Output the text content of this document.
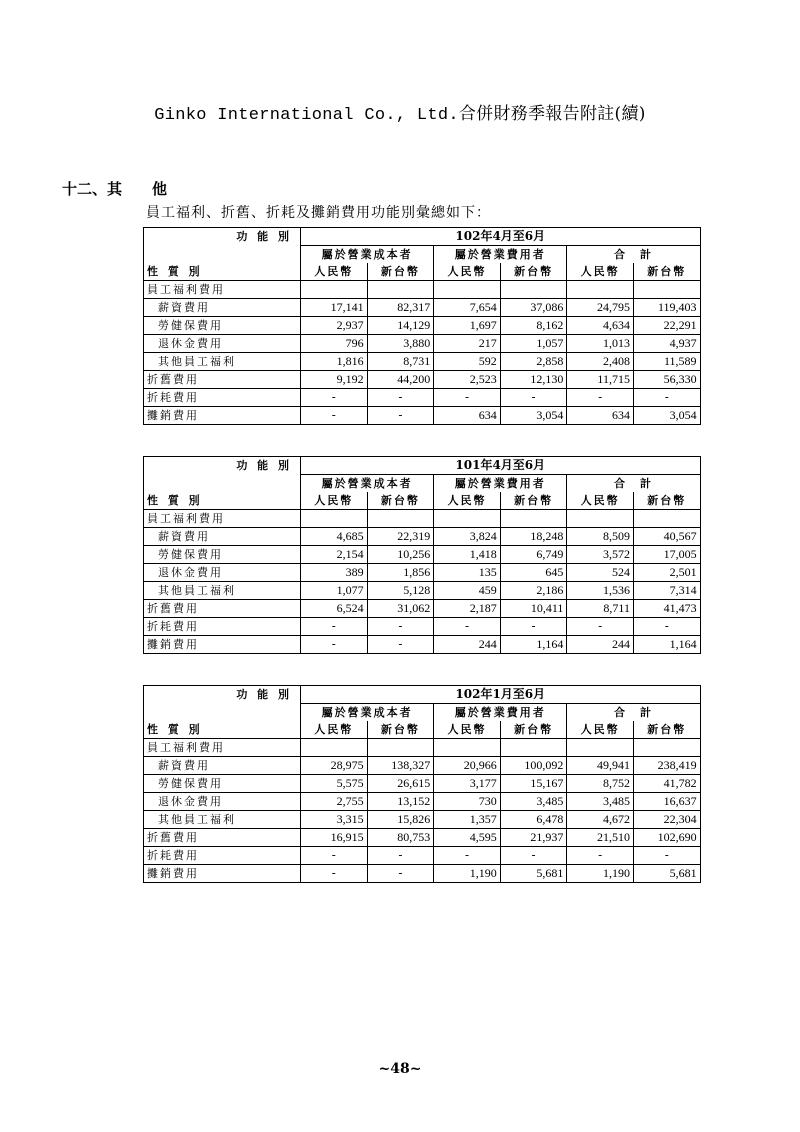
Ginko International Co., Ltd.合併財務季報告附註(續)
十二、其　　他
員工福利、折舊、折耗及攤銷費用功能別彙總如下：
功 能 別	102年4月至6月					
	屬於營業成本者		屬於營業費用者		合　計	
性 質 別	人民幣	新台幣	人民幣	新台幣	人民幣	新台幣
員工福利費用						
薪資費用	17,141	82,317	7,654	37,086	24,795	119,403
勞健保費用	2,937	14,129	1,697	8,162	4,634	22,291
退休金費用	796	3,880	217	1,057	1,013	4,937
其他員工福利	1,816	8,731	592	2,858	2,408	11,589
折舊費用	9,192	44,200	2,523	12,130	11,715	56,330
折耗費用	-	-	-	-	-	-
攤銷費用	-	-	634	3,054	634	3,054
功 能 別	101年4月至6月					
	屬於營業成本者		屬於營業費用者		合　計	
性 質 別	人民幣	新台幣	人民幣	新台幣	人民幣	新台幣
員工福利費用						
薪資費用	4,685	22,319	3,824	18,248	8,509	40,567
勞健保費用	2,154	10,256	1,418	6,749	3,572	17,005
退休金費用	389	1,856	135	645	524	2,501
其他員工福利	1,077	5,128	459	2,186	1,536	7,314
折舊費用	6,524	31,062	2,187	10,411	8,711	41,473
折耗費用	-	-	-	-	-	-
攤銷費用	-	-	244	1,164	244	1,164
功 能 別	102年1月至6月					
	屬於營業成本者		屬於營業費用者		合　計	
性 質 別	人民幣	新台幣	人民幣	新台幣	人民幣	新台幣
員工福利費用						
薪資費用	28,975	138,327	20,966	100,092	49,941	238,419
勞健保費用	5,575	26,615	3,177	15,167	8,752	41,782
退休金費用	2,755	13,152	730	3,485	3,485	16,637
其他員工福利	3,315	15,826	1,357	6,478	4,672	22,304
折舊費用	16,915	80,753	4,595	21,937	21,510	102,690
折耗費用	-	-	-	-	-	-
攤銷費用	-	-	1,190	5,681	1,190	5,681
~48~
